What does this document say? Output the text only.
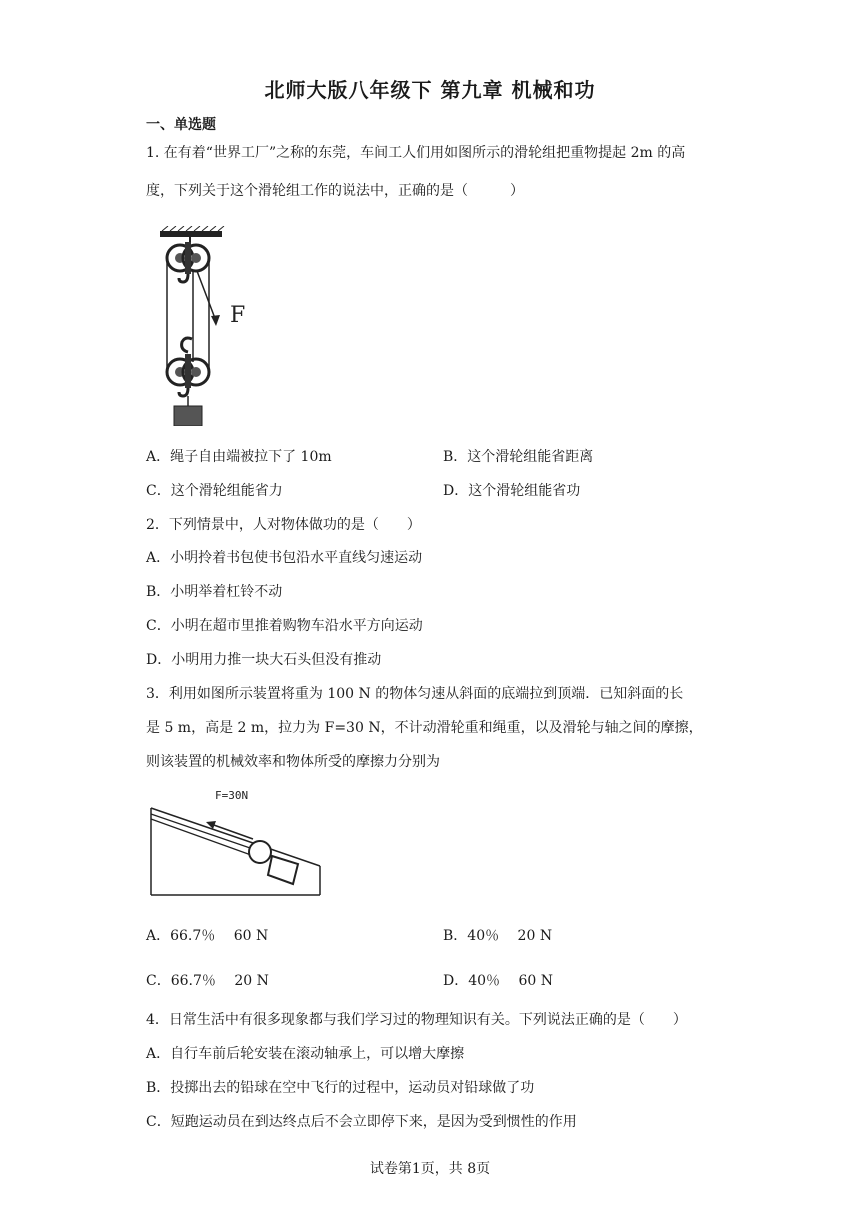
北师大版八年级下 第九章 机械和功
一、单选题
1. 在有着“世界工厂”之称的东莞，车间工人们用如图所示的滑轮组把重物提起 2m 的高
度，下列关于这个滑轮组工作的说法中，正确的是（　　　）
F
A．绳子自由端被拉下了 10m	B．这个滑轮组能省距离
C．这个滑轮组能省力	D．这个滑轮组能省功
2．下列情景中，人对物体做功的是（　　）
A．小明拎着书包使书包沿水平直线匀速运动
B．小明举着杠铃不动
C．小明在超市里推着购物车沿水平方向运动
D．小明用力推一块大石头但没有推动
3．利用如图所示装置将重为 100 N 的物体匀速从斜面的底端拉到顶端．已知斜面的长
是 5 m，高是 2 m，拉力为 F=30 N，不计动滑轮重和绳重，以及滑轮与轴之间的摩擦，
则该装置的机械效率和物体所受的摩擦力分别为
F=30N
A．66.7％　 60 N	B．40％　 20 N
C．66.7％　 20 N	D．40％　 60 N
4．日常生活中有很多现象都与我们学习过的物理知识有关。下列说法正确的是（　　）
A．自行车前后轮安装在滚动轴承上，可以增大摩擦
B．投掷出去的铅球在空中飞行的过程中，运动员对铅球做了功
C．短跑运动员在到达终点后不会立即停下来，是因为受到惯性的作用
试卷第1页，共 8页
